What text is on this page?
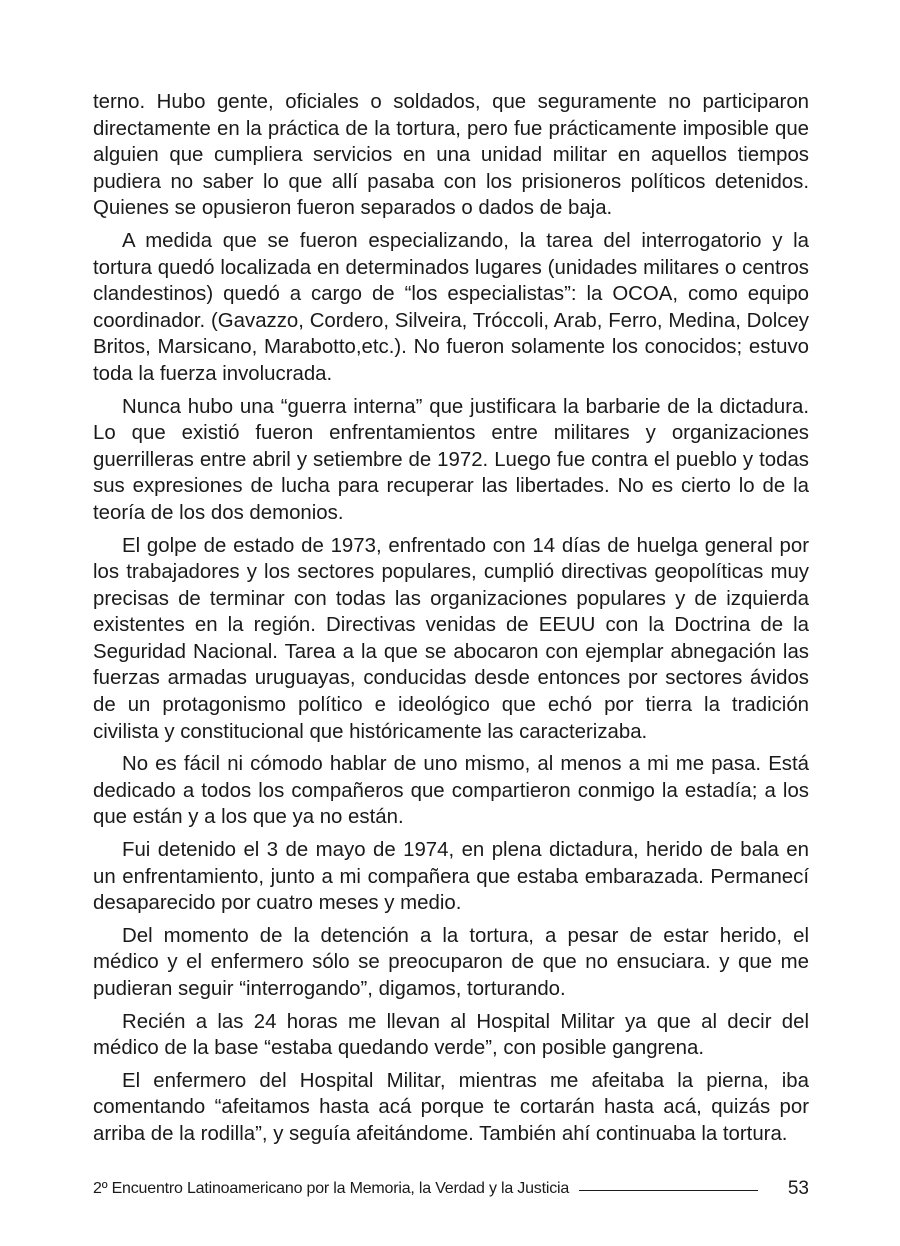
terno. Hubo gente, oficiales o soldados, que seguramente no participaron directamente en la práctica de la tortura, pero fue prácticamente imposible que alguien que cumpliera servicios en una unidad militar en aquellos tiempos pudiera no saber lo que allí pasaba con los prisioneros políticos detenidos. Quienes se opusieron fueron separados o dados de baja.

A medida que se fueron especializando, la tarea del interrogatorio y la tortura quedó localizada en determinados lugares (unidades militares o centros clandestinos) quedó a cargo de “los especialistas”: la OCOA, como equipo coordinador. (Gavazzo, Cordero, Silveira, Tróccoli, Arab, Ferro, Medina, Dolcey Britos, Marsicano, Marabotto,etc.). No fueron solamente los conocidos; estuvo toda la fuerza involucrada.

Nunca hubo una “guerra interna” que justificara la barbarie de la dictadura. Lo que existió fueron enfrentamientos entre militares y organizaciones guerrilleras entre abril y setiembre de 1972. Luego fue contra el pueblo y todas sus expresiones de lucha para recuperar las libertades. No es cierto lo de la teoría de los dos demonios.

El golpe de estado de 1973, enfrentado con 14 días de huelga general por los trabajadores y los sectores populares, cumplió directivas geopolíticas muy precisas de terminar con todas las organizaciones populares y de izquierda existentes en la región. Directivas venidas de EEUU con la Doctrina de la Seguridad Nacional. Tarea a la que se abocaron con ejemplar abnegación las fuerzas armadas uruguayas, conducidas desde entonces por sectores ávidos de un protagonismo político e ideológico que echó por tierra la tradición civilista y constitucional que históricamente las caracterizaba.

No es fácil ni cómodo hablar de uno mismo, al menos a mi me pasa. Está dedicado a todos los compañeros que compartieron conmigo la estadía; a los que están y a los que ya no están.

Fui detenido el 3 de mayo de 1974, en plena dictadura, herido de bala en un enfrentamiento, junto a mi compañera que estaba embarazada. Permanecí desaparecido por cuatro meses y medio.

Del momento de la detención a la tortura, a pesar de estar herido, el médico y el enfermero sólo se preocuparon de que no ensuciara. y que me pudieran seguir “interrogando”, digamos, torturando.

Recién a las 24 horas me llevan al Hospital Militar ya que al decir del médico de la base “estaba quedando verde”, con posible gangrena.

El enfermero del Hospital Militar, mientras me afeitaba la pierna, iba comentando “afeitamos hasta acá porque te cortarán hasta acá, quizás por arriba de la rodilla”, y seguía afeitándome. También ahí continuaba la tortura.

2º Encuentro Latinoamericano por la Memoria, la Verdad y la Justicia	53
